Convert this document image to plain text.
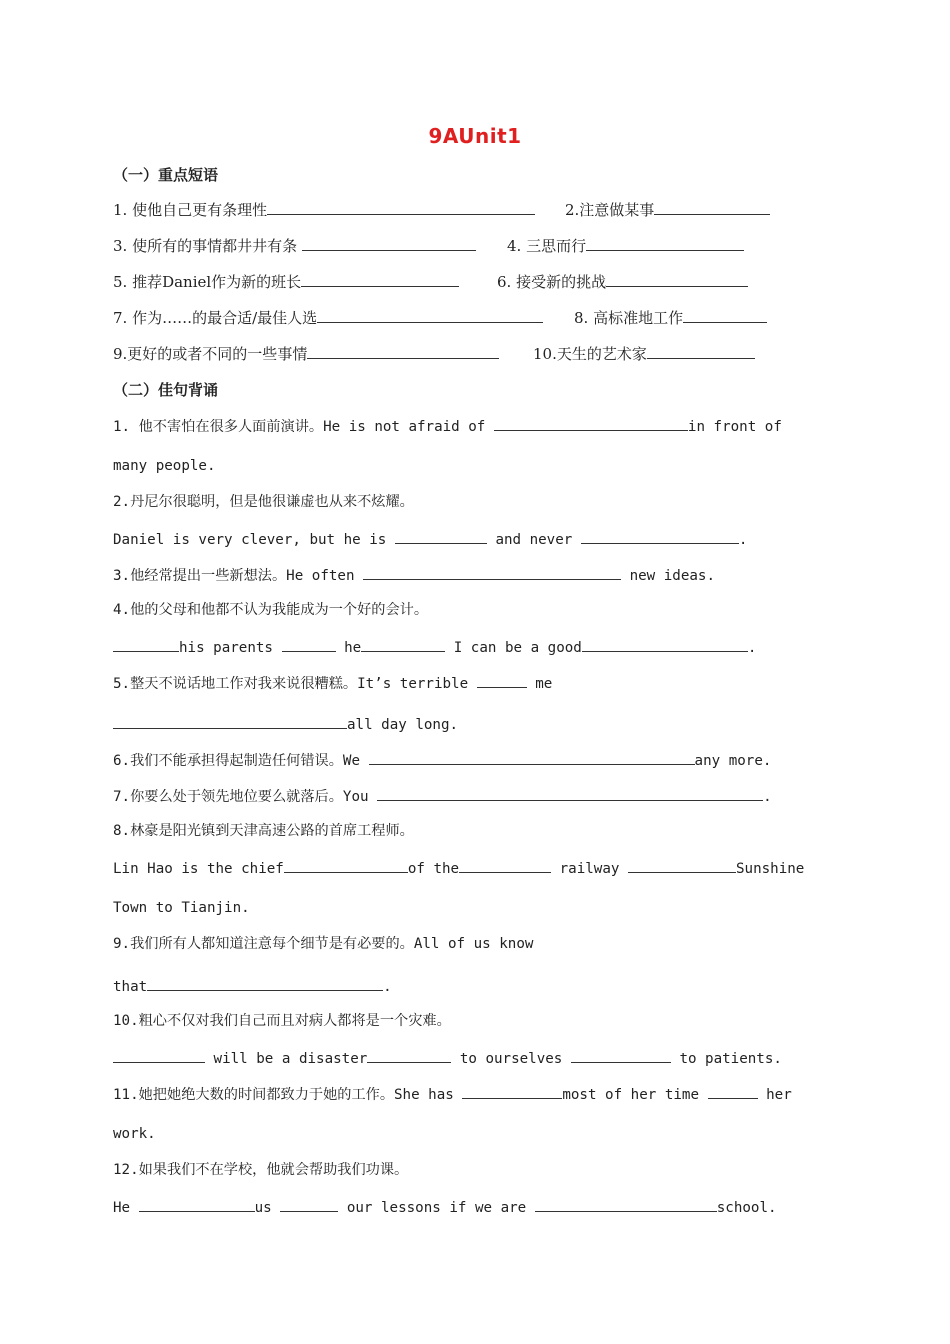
9AUnit1
（一）重点短语
1. 使他自己更有条理性	2.注意做某事
3. 使所有的事情都井井有条	4. 三思而行
5. 推荐Daniel作为新的班长	6. 接受新的挑战
7. 作为……的最合适/最佳人选	8. 高标准地工作
9.更好的或者不同的一些事情	10.天生的艺术家
（二）佳句背诵
1. 他不害怕在很多人面前演讲。He is not afraid of	in front of
many people.
2.丹尼尔很聪明，但是他很谦虚也从来不炫耀。
Daniel is very clever, but he is	and never	.
3.他经常提出一些新想法。He often	new ideas.
4.他的父母和他都不认为我能成为一个好的会计。
his parents	he	I can be a good	.
5.整天不说话地工作对我来说很糟糕。It’s terrible	me
all day long.
6.我们不能承担得起制造任何错误。We	any more.
7.你要么处于领先地位要么就落后。You	.
8.林豪是阳光镇到天津高速公路的首席工程师。
Lin Hao is the chief	of the	railway	Sunshine
Town to Tianjin.
9.我们所有人都知道注意每个细节是有必要的。All of us know
that	.
10.粗心不仅对我们自己而且对病人都将是一个灾难。
will be a disaster	to ourselves	to patients.
11.她把她绝大数的时间都致力于她的工作。She has	most of her time	her
work.
12.如果我们不在学校，他就会帮助我们功课。
He	us	our lessons if we are	school.
